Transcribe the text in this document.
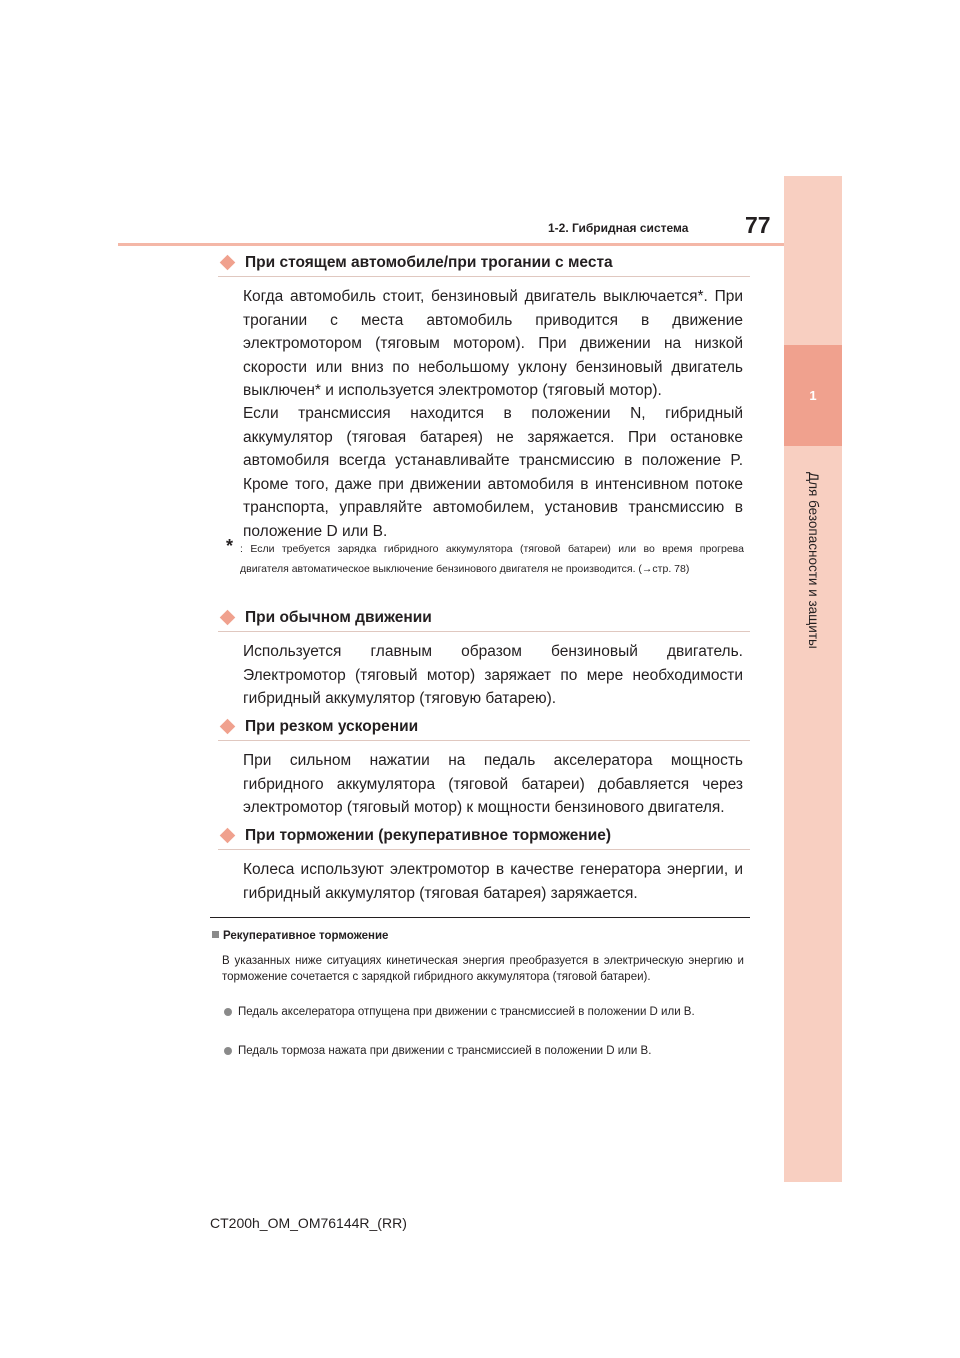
1
Для безопасности и защиты
1-2. Гибридная система 77
При стоящем автомобиле/при трогании с места
Когда автомобиль стоит, бензиновый двигатель выключается*. При трогании с места автомобиль приводится в движение электромотором (тяговым мотором). При движении на низкой скорости или вниз по небольшому уклону бензиновый двигатель выключен* и используется электромотор (тяговый мотор).
Если трансмиссия находится в положении N, гибридный аккумулятор (тяговая батарея) не заряжается. При остановке автомобиля всегда устанавливайте трансмиссию в положение P. Кроме того, даже при движении автомобиля в интенсивном потоке транспорта, управляйте автомобилем, установив трансмиссию в положение D или B.
* : Если требуется зарядка гибридного аккумулятора (тяговой батареи) или во время прогрева двигателя автоматическое выключение бензинового двигателя не производится. (→стр. 78)
При обычном движении
Используется главным образом бензиновый двигатель. Электромотор (тяговый мотор) заряжает по мере необходимости гибридный аккумулятор (тяговую батарею).
При резком ускорении
При сильном нажатии на педаль акселератора мощность гибридного аккумулятора (тяговой батареи) добавляется через электромотор (тяговый мотор) к мощности бензинового двигателя.
При торможении (рекуперативное торможение)
Колеса используют электромотор в качестве генератора энергии, и гибридный аккумулятор (тяговая батарея) заряжается.
Рекуперативное торможение
В указанных ниже ситуациях кинетическая энергия преобразуется в электрическую энергию и торможение сочетается с зарядкой гибридного аккумулятора (тяговой батареи).
Педаль акселератора отпущена при движении с трансмиссией в положении D или B.
Педаль тормоза нажата при движении с трансмиссией в положении D или B.
CT200h_OM_OM76144R_(RR)
